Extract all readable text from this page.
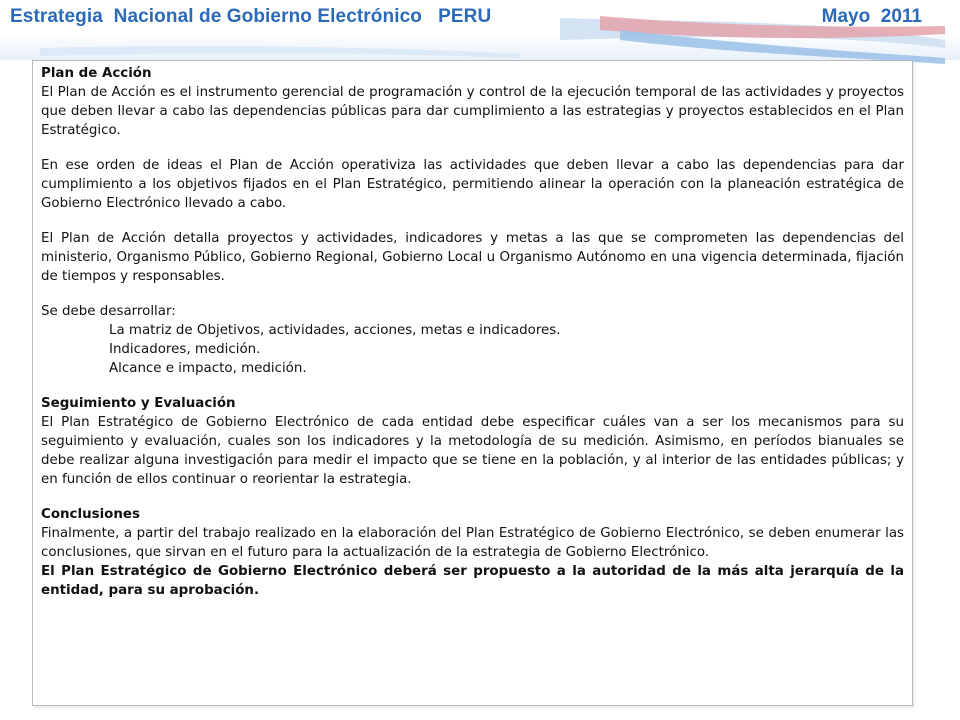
Estrategia  Nacional de Gobierno Electrónico   PERU	Mayo  2011

Plan de Acción

El Plan de Acción es el instrumento gerencial de programación y control de la ejecución temporal de las actividades y proyectos que deben llevar a cabo las dependencias públicas para dar cumplimiento a las estrategias y proyectos establecidos en el Plan Estratégico.

En ese orden de ideas el Plan de Acción operativiza las actividades que deben llevar a cabo las dependencias para dar cumplimiento a los objetivos fijados en el Plan Estratégico, permitiendo alinear la operación con la planeación estratégica de Gobierno Electrónico llevado a cabo.

El Plan de Acción detalla proyectos y actividades, indicadores y metas a las que se comprometen las dependencias del ministerio, Organismo Público, Gobierno Regional, Gobierno Local u Organismo Autónomo en una vigencia determinada, fijación de tiempos y responsables.

Se debe desarrollar:

La matriz de Objetivos, actividades, acciones, metas e indicadores.
Indicadores, medición.
Alcance e impacto, medición.

Seguimiento y Evaluación

El Plan Estratégico de Gobierno Electrónico de cada entidad debe especificar cuáles van a ser los mecanismos para su seguimiento y evaluación, cuales son los indicadores y la metodología de su medición. Asimismo, en períodos bianuales se debe realizar alguna investigación para medir el impacto que se tiene en la población, y al interior de las entidades públicas; y en función de ellos continuar o reorientar la estrategia.

Conclusiones

Finalmente, a partir del trabajo realizado en la elaboración del Plan Estratégico de Gobierno Electrónico, se deben enumerar las conclusiones, que sirvan en el futuro para la actualización de la estrategia de Gobierno Electrónico.

El Plan Estratégico de Gobierno Electrónico deberá ser propuesto a la autoridad de la más alta jerarquía de la entidad, para su aprobación.
